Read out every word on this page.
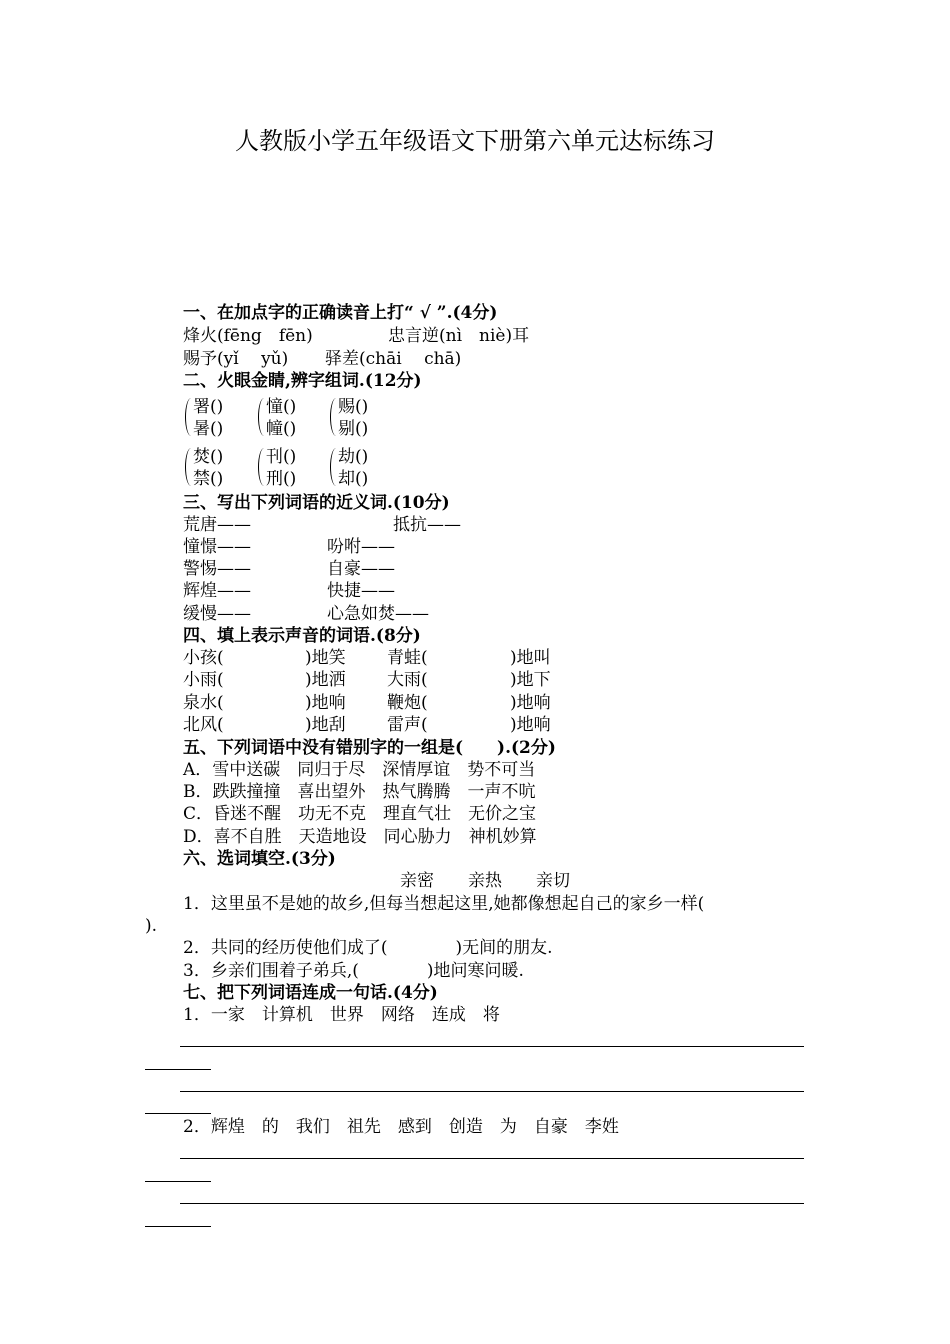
人教版小学五年级语文下册第六单元达标练习
一、在加点字的正确读音上打“ √ ”.(4分)
烽火(fēng　fēn)	忠言逆(nì　niè)耳
赐予(yǐ　 yǔ) 驿差(chāi　 chā)
二、火眼金睛,辨字组词.(12分)
署()
暑()
憧()
幢()
赐()
剔()
焚()
禁()
刊()
刑()
劫()
却()
三、写出下列词语的近义词.(10分)
荒唐——	抵抗——
憧憬——	吩咐——
警惕——	自豪——
辉煌——	快捷——
缓慢——	心急如焚——
四、填上表示声音的词语.(8分)
小孩(	)地笑 青蛙(	)地叫
小雨(	)地洒 大雨(	)地下
泉水(	)地响 鞭炮(	)地响
北风(	)地刮 雷声(	)地响
五、下列词语中没有错别字的一组是(　　).(2分)
A．雪中送碳　同归于尽　深情厚谊　势不可当
B．跌跌撞撞　喜出望外　热气腾腾　一声不吭
C．昏迷不醒　功无不克　理直气壮　无价之宝
D．喜不自胜　天造地设　同心胁力　神机妙算
六、选词填空.(3分)
亲密　　亲热　　亲切
1．这里虽不是她的故乡,但每当想起这里,她都像想起自己的家乡一样(
).
2．共同的经历使他们成了(　　　　)无间的朋友.
3．乡亲们围着子弟兵,(　　　　)地问寒问暖.
七、把下列词语连成一句话.(4分)
1．一家　计算机　世界　网络　连成　将
2．辉煌　的　我们　祖先　感到　创造　为　自豪　李姓
